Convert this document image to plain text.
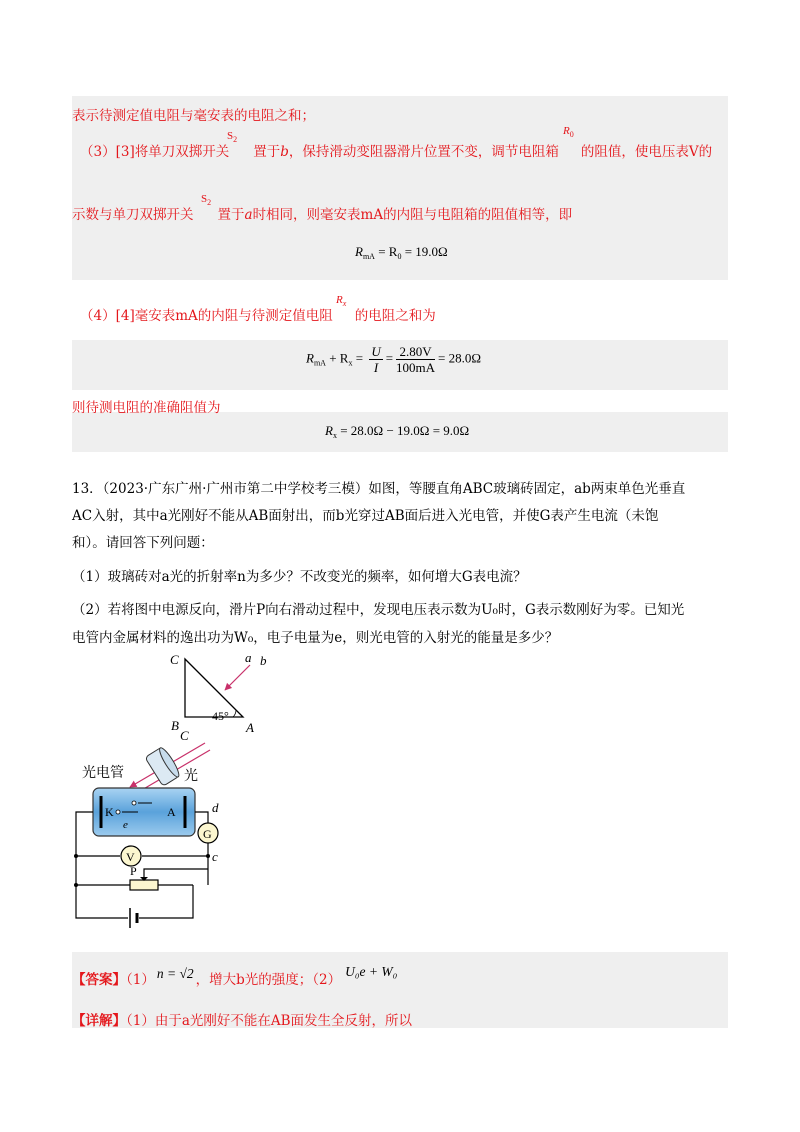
表示待测定值电阻与毫安表的电阻之和；
$S_2$
$R_0$
（3）[3]将单刀双掷开关 置于b，保持滑动变阻器滑片位置不变，调节电阻箱 的阻值，使电压表V的
$S_2$
示数与单刀双掷开关 置于a时相同，则毫安表mA的内阻与电阻箱的阻值相等，即
$R_{mA} = R_0 = 19.0\Omega$
$R_x$
（4）[4]毫安表mA的内阻与待测定值电阻 的电阻之和为
$R_{mA} + R_x = \frac{U}{I} = \frac{2.80V}{100mA} = 28.0\Omega$
则待测电阻的准确阻值为
$R_x = 28.0\Omega - 19.0\Omega = 9.0\Omega$
13．（2023·广东广州·广州市第二中学校考三模）如图，等腰直角ABC玻璃砖固定，ab两束单色光垂直
AC入射，其中a光刚好不能从AB面射出，而b光穿过AB面后进入光电管，并使G表产生电流（未饱
和）。请回答下列问题：
（1）玻璃砖对a光的折射率n为多少？不改变光的频率，如何增大G表电流？
（2）若将图中电源反向，滑片P向右滑动过程中，发现电压表示数为U₀时，G表示数刚好为零。已知光
电管内金属材料的逸出功为W₀，电子电量为e，则光电管的入射光的能量是多少？
C
B	A
45°
a b
C
光电管	光
K	A
e
G
d
V	c
P
【答案】（1） n = √2 ，增大b光的强度；（2）U₀e + W₀
【详解】（1）由于a光刚好不能在AB面发生全反射，所以
